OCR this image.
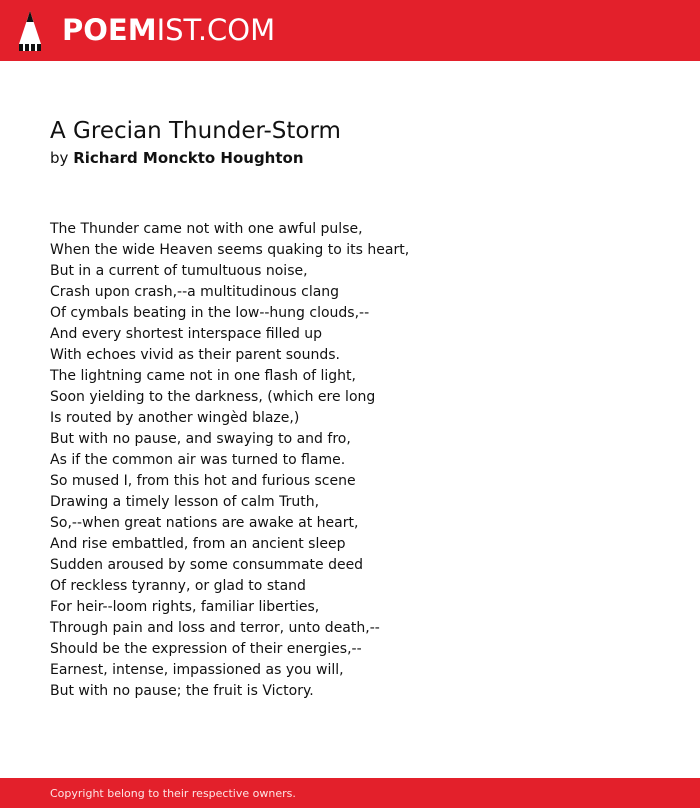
POEMIST.COM
A Grecian Thunder-Storm
by Richard Monckto Houghton
The Thunder came not with one awful pulse,
When the wide Heaven seems quaking to its heart,
But in a current of tumultuous noise,
Crash upon crash,--a multitudinous clang
Of cymbals beating in the low--hung clouds,--
And every shortest interspace filled up
With echoes vivid as their parent sounds.
The lightning came not in one flash of light,
Soon yielding to the darkness, (which ere long
Is routed by another wingèd blaze,)
But with no pause, and swaying to and fro,
As if the common air was turned to flame.
So mused I, from this hot and furious scene
Drawing a timely lesson of calm Truth,
So,--when great nations are awake at heart,
And rise embattled, from an ancient sleep
Sudden aroused by some consummate deed
Of reckless tyranny, or glad to stand
For heir--loom rights, familiar liberties,
Through pain and loss and terror, unto death,--
Should be the expression of their energies,--
Earnest, intense, impassioned as you will,
But with no pause; the fruit is Victory.
Copyright belong to their respective owners.
